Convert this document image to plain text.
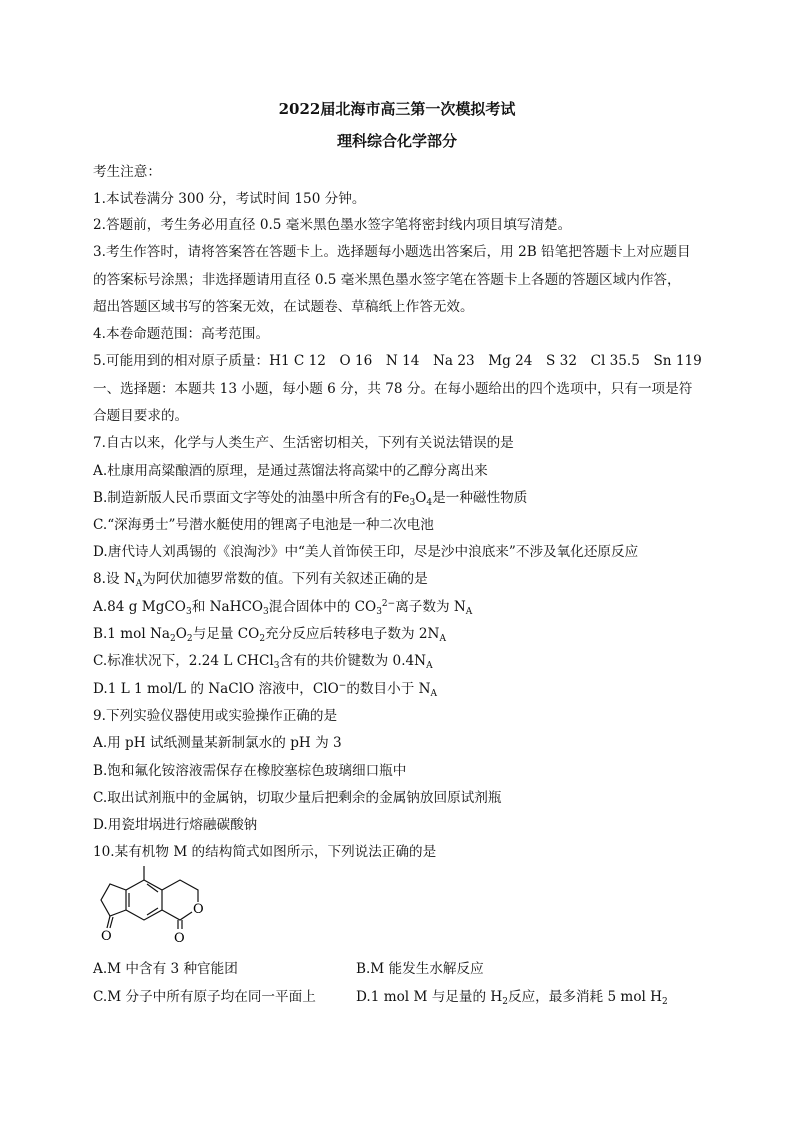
2022届北海市高三第一次模拟考试
理科综合化学部分
考生注意：
1.本试卷满分 300 分，考试时间 150 分钟。
2.答题前，考生务必用直径 0.5 毫米黑色墨水签字笔将密封线内项目填写清楚。
3.考生作答时，请将答案答在答题卡上。选择题每小题选出答案后，用 2B 铅笔把答题卡上对应题目
的答案标号涂黑；非选择题请用直径 0.5 毫米黑色墨水签字笔在答题卡上各题的答题区域内作答，
超出答题区域书写的答案无效，在试题卷、草稿纸上作答无效。
4.本卷命题范围：高考范围。
5.可能用到的相对原子质量：H1 C 12　O 16　N 14　Na 23　Mg 24　S 32　Cl 35.5　Sn 119
一、选择题：本题共 13 小题，每小题 6 分，共 78 分。在每小题给出的四个选项中，只有一项是符
合题目要求的。
7.自古以来，化学与人类生产、生活密切相关，下列有关说法错误的是
A.杜康用高粱酿酒的原理，是通过蒸馏法将高粱中的乙醇分离出来
B.制造新版人民币票面文字等处的油墨中所含有的$Fe_3O_4$是一种磁性物质
C.“深海勇士”号潜水艇使用的锂离子电池是一种二次电池
D.唐代诗人刘禹锡的《浪淘沙》中“美人首饰侯王印，尽是沙中浪底来”不涉及氧化还原反应
8.设 $N_A$为阿伏加德罗常数的值。下列有关叙述正确的是
A.84 g MgCO$_3$和 NaHCO$_3$混合固体中的 $CO_3^{2-}$离子数为 $N_A$
B.1 mol $Na_2O_2$与足量 $CO_2$充分反应后转移电子数为 $2N_A$
C.标准状况下，2.24 L CHCl$_3$含有的共价键数为 $0.4N_A$
D.1 L 1 mol/L 的 NaClO 溶液中，ClO−的数目小于 $N_A$
9.下列实验仪器使用或实验操作正确的是
A.用 pH 试纸测量某新制氯水的 pH 为 3
B.饱和氟化铵溶液需保存在橡胶塞棕色玻璃细口瓶中
C.取出试剂瓶中的金属钠，切取少量后把剩余的金属钠放回原试剂瓶
D.用瓷坩埚进行熔融碳酸钠
10.某有机物 M 的结构简式如图所示，下列说法正确的是
O	O
O
A.M 中含有 3 种官能团	B.M 能发生水解反应
C.M 分子中所有原子均在同一平面上	D.1 mol M 与足量的 $H_2$反应，最多消耗 5 mol $H_2$
